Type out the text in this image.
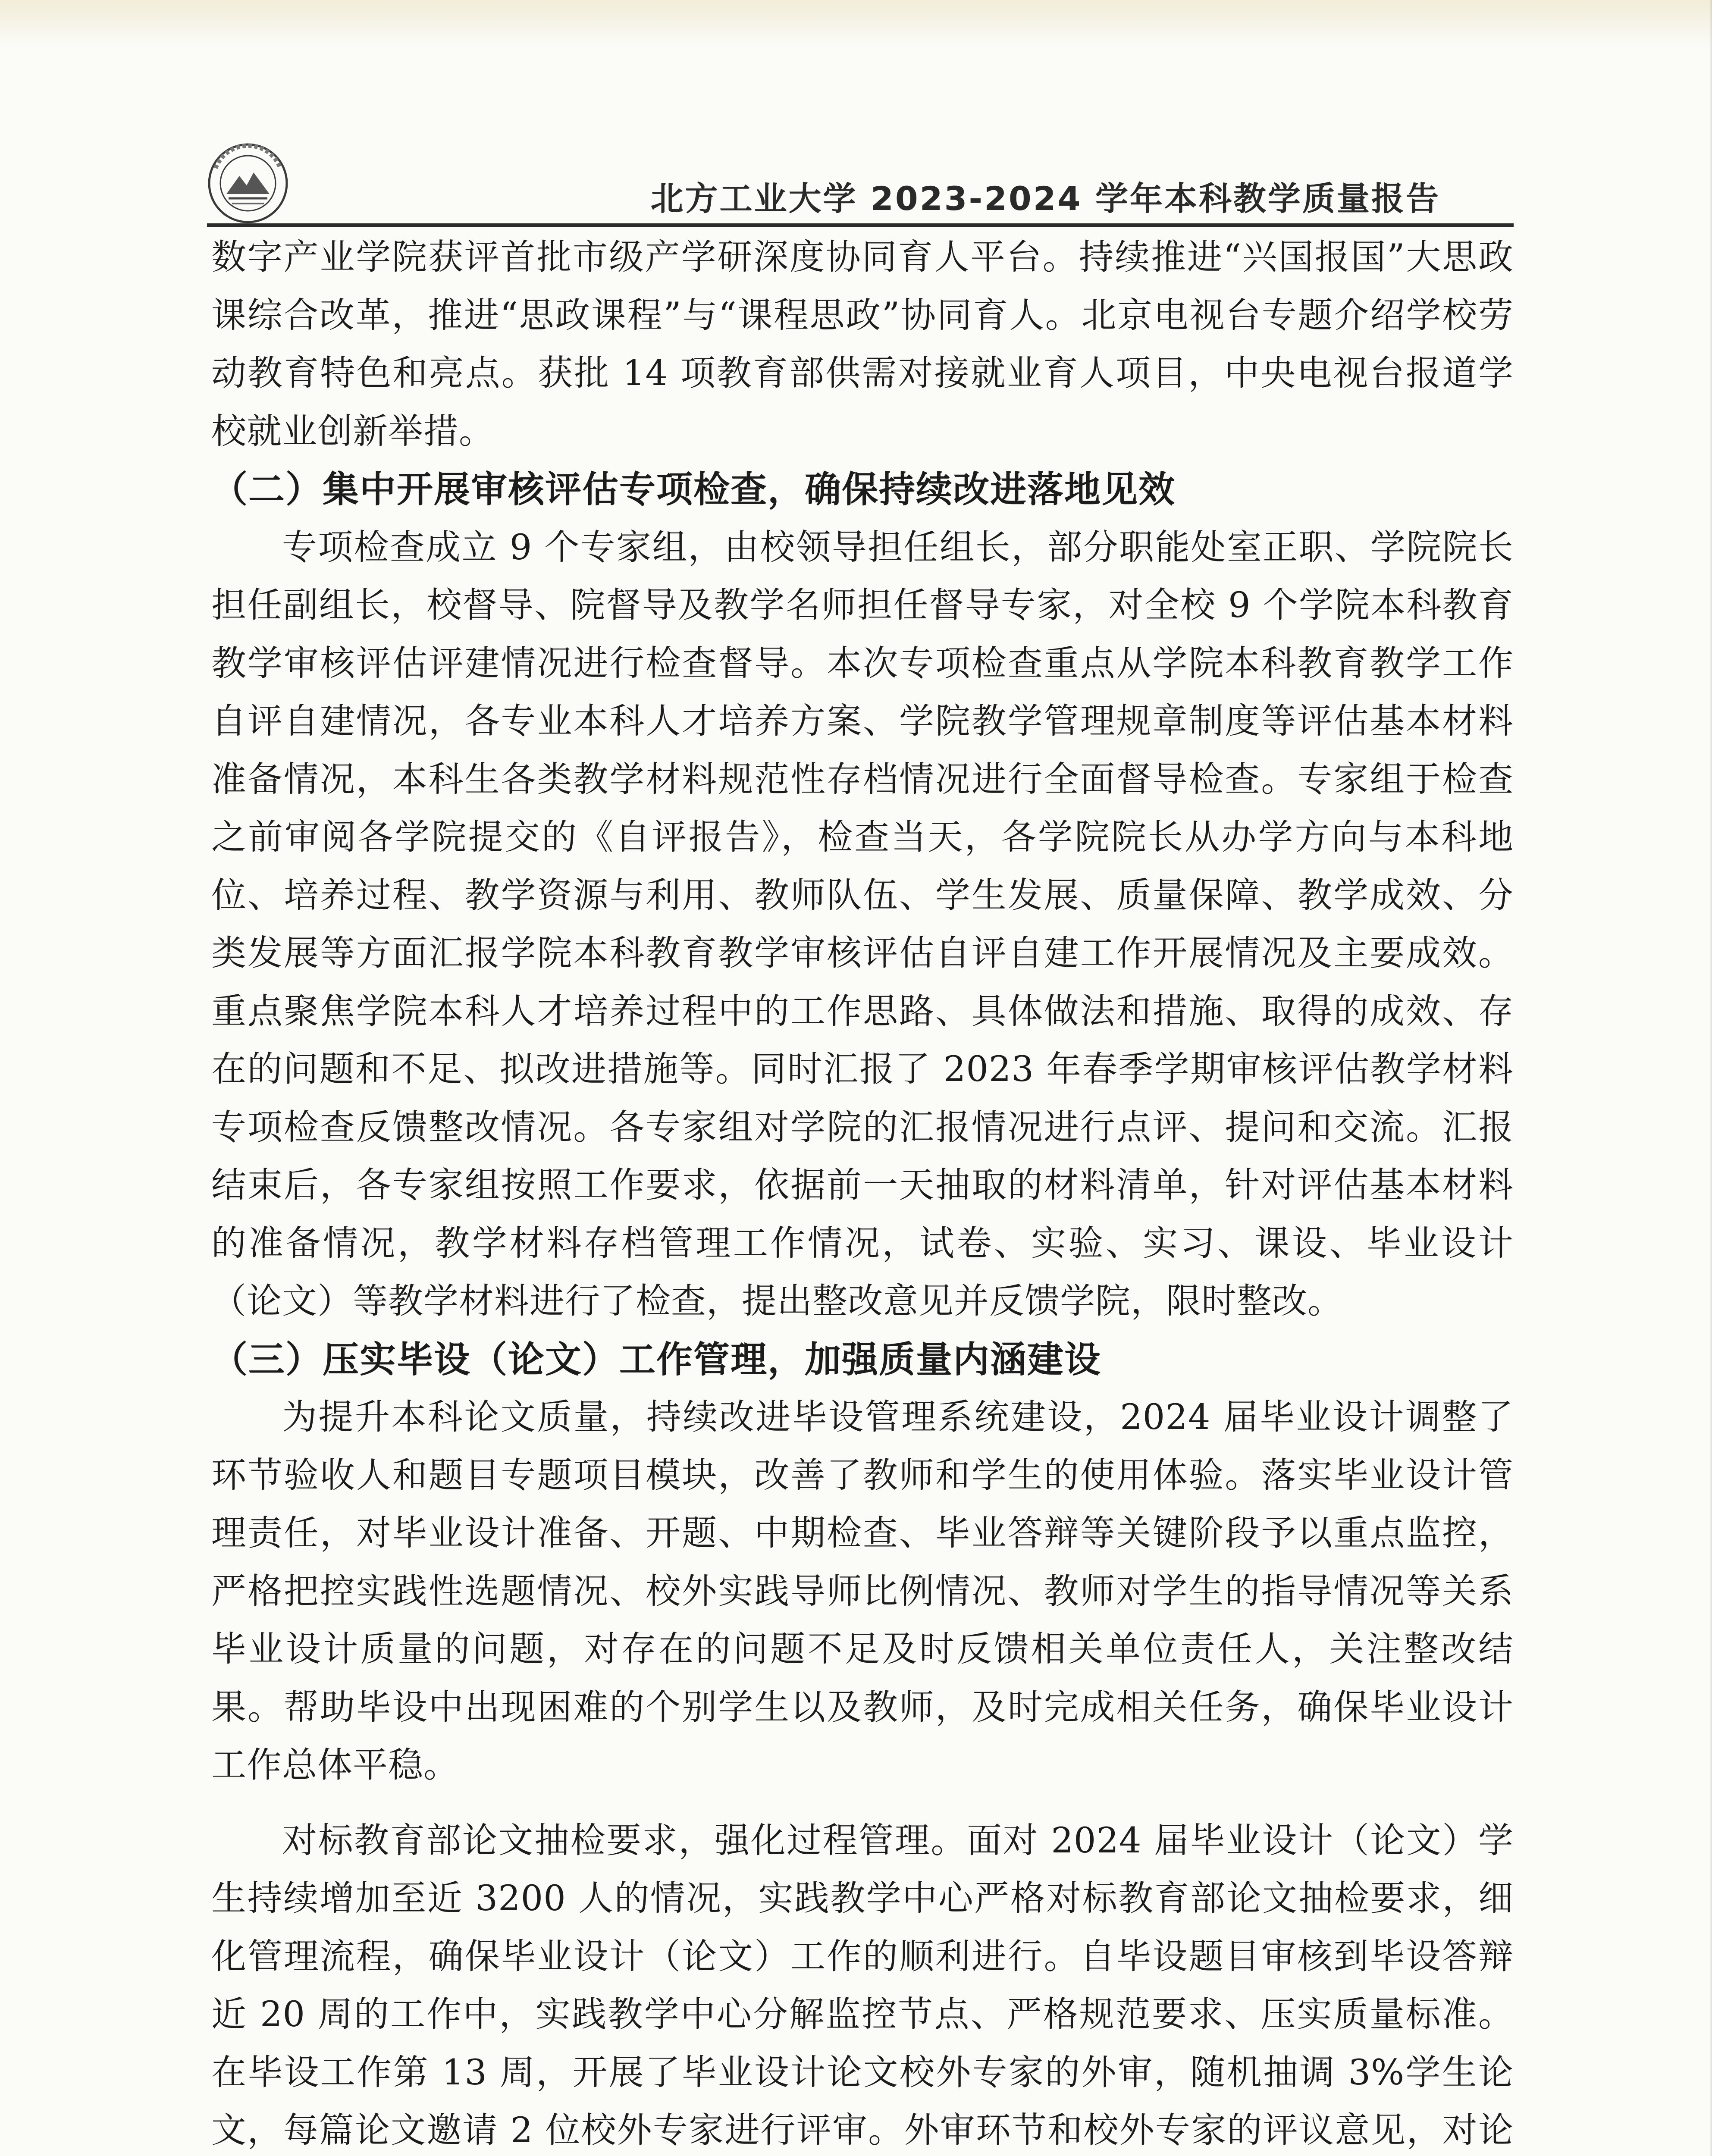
北方工业大学 2023-2024 学年本科教学质量报告

数字产业学院获评首批市级产学研深度协同育人平台。持续推进“兴国报国”大思政课综合改革，推进“思政课程”与“课程思政”协同育人。北京电视台专题介绍学校劳动教育特色和亮点。获批 14 项教育部供需对接就业育人项目，中央电视台报道学校就业创新举措。

（二）集中开展审核评估专项检查，确保持续改进落地见效

专项检查成立 9 个专家组，由校领导担任组长，部分职能处室正职、学院院长担任副组长，校督导、院督导及教学名师担任督导专家，对全校 9 个学院本科教育教学审核评估评建情况进行检查督导。本次专项检查重点从学院本科教育教学工作自评自建情况，各专业本科人才培养方案、学院教学管理规章制度等评估基本材料准备情况，本科生各类教学材料规范性存档情况进行全面督导检查。专家组于检查之前审阅各学院提交的《自评报告》，检查当天，各学院院长从办学方向与本科地位、培养过程、教学资源与利用、教师队伍、学生发展、质量保障、教学成效、分类发展等方面汇报学院本科教育教学审核评估自评自建工作开展情况及主要成效。重点聚焦学院本科人才培养过程中的工作思路、具体做法和措施、取得的成效、存在的问题和不足、拟改进措施等。同时汇报了 2023 年春季学期审核评估教学材料专项检查反馈整改情况。各专家组对学院的汇报情况进行点评、提问和交流。汇报结束后，各专家组按照工作要求，依据前一天抽取的材料清单，针对评估基本材料的准备情况，教学材料存档管理工作情况，试卷、实验、实习、课设、毕业设计（论文）等教学材料进行了检查，提出整改意见并反馈学院，限时整改。

（三）压实毕设（论文）工作管理，加强质量内涵建设

为提升本科论文质量，持续改进毕设管理系统建设，2024 届毕业设计调整了环节验收人和题目专题项目模块，改善了教师和学生的使用体验。落实毕业设计管理责任，对毕业设计准备、开题、中期检查、毕业答辩等关键阶段予以重点监控，严格把控实践性选题情况、校外实践导师比例情况、教师对学生的指导情况等关系毕业设计质量的问题，对存在的问题不足及时反馈相关单位责任人，关注整改结果。帮助毕设中出现困难的个别学生以及教师，及时完成相关任务，确保毕业设计工作总体平稳。

对标教育部论文抽检要求，强化过程管理。面对 2024 届毕业设计（论文）学生持续增加至近 3200 人的情况，实践教学中心严格对标教育部论文抽检要求，细化管理流程，确保毕业设计（论文）工作的顺利进行。自毕设题目审核到毕设答辩近 20 周的工作中，实践教学中心分解监控节点、严格规范要求、压实质量标准。在毕设工作第 13 周，开展了毕业设计论文校外专家的外审，随机抽调 3%学生论文，每篇论文邀请 2 位校外专家进行评审。外审环节和校外专家的评议意见，对论
